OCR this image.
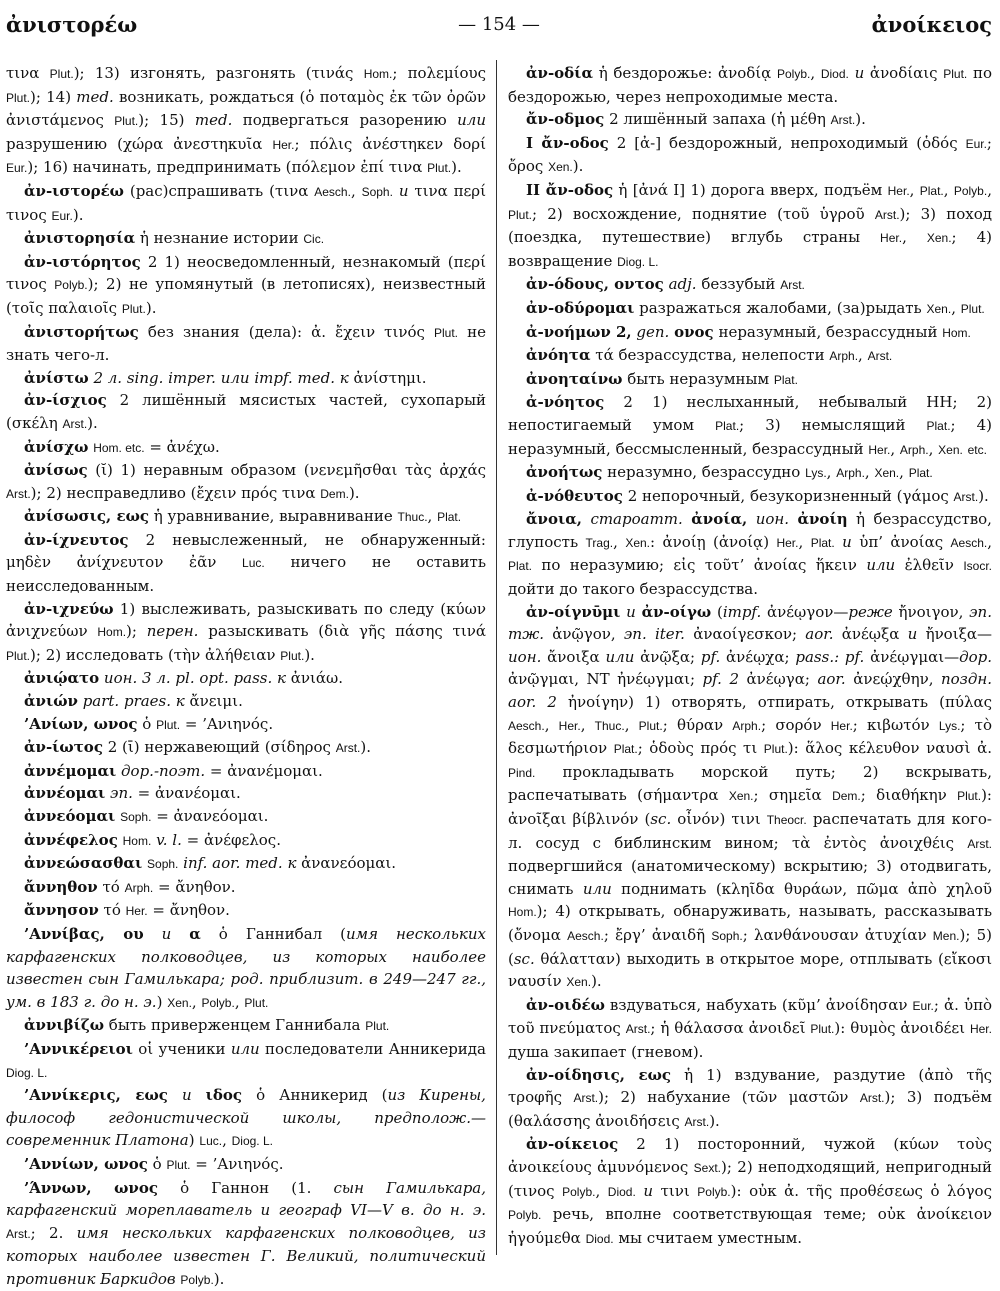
ἀνιστορέω	— 154 —	ἀνοίκειος

τινα Plut.); 13) изгонять, разгонять (τινάς Hom.; πολεμίους Plut.); 14) med. возникать, рождаться (ὁ ποταμὸς ἐκ τῶν ὀρῶν ἀνιστάμενος Plut.); 15) med. подвергаться разорению или разрушению (χώρα ἀνεστηκυῖα Her.; πόλις ἀνέστηκεν δορί Eur.); 16) начинать, предпринимать (πόλεμον ἐπί τινα Plut.).

ἀν-ιστορέω (рас)спрашивать (τινα Aesch., Soph. и τινα περί τινος Eur.).

ἀνιστορησία ἡ незнание истории Cic.

ἀν-ιστόρητος 2 1) неосведомленный, незнакомый (περί τινος Polyb.); 2) не упомянутый (в летописях), неизвестный (τοῖς παλαιοῖς Plut.).

ἀνιστορήτως без знания (дела): ἀ. ἔχειν τινός Plut. не знать чего-л.

ἀνίστω 2 л. sing. imper. или impf. med. к ἀνίστημι.

ἀν-ίσχιος 2 лишённый мясистых частей, сухопарый (σκέλη Arst.).

ἀνίσχω Hom. etc. = ἀνέχω.

ἀνίσως (ῐ) 1) неравным образом (νενεμῆσθαι τὰς ἀρχάς Arst.); 2) несправедливо (ἔχειν πρός τινα Dem.).

ἀνίσωσις, εως ἡ уравнивание, выравнивание Thuc., Plat.

ἀν-ίχνευτος 2 невыслеженный, не обнаруженный: μηδὲν ἀνίχνευτον ἐᾶν Luc. ничего не оставить неисследованным.

ἀν-ιχνεύω 1) выслеживать, разыскивать по следу (κύων ἀνιχνεύων Hom.); перен. разыскивать (διὰ γῆς πάσης τινά Plut.); 2) исследовать (τὴν ἀλήθειαν Plut.).

ἀνιῴατο ион. 3 л. pl. opt. pass. к ἀνιάω.

ἀνιών part. praes. к ἄνειμι.

’Ανίων, ωνος ὁ Plut. = ’Ανιηνός.

ἀν-ίωτος 2 (ῑ) нержавеющий (σίδηρος Arst.).

ἀννέμομαι дор.-поэт. = ἀνανέμομαι.

ἀννέομαι эп. = ἀνανέομαι.

ἀννεόομαι Soph. = ἀνανεόομαι.

ἀννέφελος Hom. v. l. = ἀνέφελος.

ἀννεώσασθαι Soph. inf. aor. med. к ἀνανεόομαι.

ἄννηθον τό Arph. = ἄνηθον.

ἄννησον τό Her. = ἄνηθον.

’Αννίβας, ου и α ὁ Ганнибал (имя нескольких карфагенских полководцев, из которых наиболее известен сын Гамилькара; род. приблизит. в 249—247 гг., ум. в 183 г. до н. э.) Xen., Polyb., Plut.

ἀννιβίζω быть приверженцем Ганнибала Plut.

’Αννικέρειοι οἱ ученики или последователи Анникерида Diog. L.

’Αννίκερις, εως и ιδος ὁ Анникерид (из Кирены, философ гедонистической школы, предполож.—современник Платона) Luc., Diog. L.

’Αννίων, ωνος ὁ Plut. = ’Ανιηνός.

’Άννων, ωνος ὁ Ганнон (1. сын Гамилькара, карфагенский мореплаватель и географ VI—V в. до н. э. Arst.; 2. имя нескольких карфагенских полководцев, из которых наиболее известен Г. Великий, политический противник Баркидов Polyb.).

ἀν-οδία ἡ бездорожье: ἀνοδίᾳ Polyb., Diod. и ἀνοδίαις Plut. по бездорожью, через непроходимые места.

ἄν-οδμος 2 лишённый запаха (ἡ μέθη Arst.).

I ἄν-οδος 2 [ἀ-] бездорожный, непроходимый (ὁδός Eur.; ὄρος Xen.).

II ἄν-οδος ἡ [ἀνά I] 1) дорога вверх, подъём Her., Plat., Polyb., Plut.; 2) восхождение, поднятие (τοῦ ὑγροῦ Arst.); 3) поход (поездка, путешествие) вглубь страны Her., Xen.; 4) возвращение Diog. L.

ἀν-όδους, οντος adj. беззубый Arst.

ἀν-οδύρομαι разражаться жалобами, (за)рыдать Xen., Plut.

ἀ-νοήμων 2, gen. ονος неразумный, безрассудный Hom.

ἀνόητα τά безрассудства, нелепости Arph., Arst.

ἀνοηταίνω быть неразумным Plat.

ἀ-νόητος 2 1) неслыханный, небывалый HH; 2) непостигаемый умом Plat.; 3) немыслящий Plat.; 4) неразумный, бессмысленный, безрассудный Her., Arph., Xen. etc.

ἀνοήτως неразумно, безрассудно Lys., Arph., Xen., Plat.

ἀ-νόθευτος 2 непорочный, безукоризненный (γάμος Arst.).

ἄνοια, староатт. ἀνοία, ион. ἀνοίη ἡ безрассудство, глупость Trag., Xen.: ἀνοίῃ (ἀνοίᾳ) Her., Plat. и ὑπ’ ἀνοίας Aesch., Plat. по неразумию; εἰς τοῦτ’ ἀνοίας ἥκειν или ἐλθεῖν Isocr. дойти до такого безрассудства.

ἀν-οίγνῡμι и ἀν-οίγω (impf. ἀνέῳγον—реже ἤνοιγον, эп. тж. ἀνῷγον, эп. iter. ἀναοίγεσκον; aor. ἀνέῳξα и ἤνοιξα—ион. ἄνοιξα или ἀνῷξα; pf. ἀνέῳχα; pass.: pf. ἀνέῳγμαι—дор. ἀνῷγμαι, NT ἠνέῳγμαι; pf. 2 ἀνέῳγα; aor. ἀνεῴχθην, поздн. aor. 2 ἠνοίγην) 1) отворять, отпирать, открывать (πύλας Aesch., Her., Thuc., Plut.; θύραν Arph.; σορόν Her.; κιβωτόν Lys.; τὸ δεσμωτήριον Plat.; ὁδοὺς πρός τι Plut.): ἅλος κέλευθον ναυσὶ ἀ. Pind. прокладывать морской путь; 2) вскрывать, распечатывать (σήμαντρα Xen.; σημεῖα Dem.; διαθήκην Plut.): ἀνοῖξαι βίβλινόν (sc. οἶνόν) τινι Theocr. распечатать для кого-л. сосуд с библинским вином; τὰ ἐντὸς ἀνοιχθέις Arst. подвергшийся (анатомическому) вскрытию; 3) отодвигать, снимать или поднимать (κληῖδα θυράων, πῶμα ἀπὸ χηλοῦ Hom.); 4) открывать, обнаруживать, называть, рассказывать (ὄνομα Aesch.; ἔργ’ ἀναιδῆ Soph.; λανθάνουσαν ἀτυχίαν Men.); 5) (sc. θάλατταν) выходить в открытое море, отплывать (εἴκοσι ναυσίν Xen.).

ἀν-οιδέω вздуваться, набухать (κῦμ’ ἀνοίδησαν Eur.; ἀ. ὑπὸ τοῦ πνεύματος Arst.; ἡ θάλασσα ἀνοιδεῖ Plut.): θυμὸς ἀνοιδέει Her. душа закипает (гневом).

ἀν-οίδησις, εως ἡ 1) вздувание, раздутие (ἀπὸ τῆς τροφῆς Arst.); 2) набухание (τῶν μαστῶν Arst.); 3) подъём (θαλάσσης ἀνοιδήσεις Arst.).

ἀν-οίκειος 2 1) посторонний, чужой (κύων τοὺς ἀνοικείους ἀμυνόμενος Sext.); 2) неподходящий, непригодный (τινος Polyb., Diod. и τινι Polyb.): οὐκ ἀ. τῆς προθέσεως ὁ λόγος Polyb. речь, вполне соответствующая теме; οὐκ ἀνοίκειον ἡγούμεθα Diod. мы считаем уместным.
